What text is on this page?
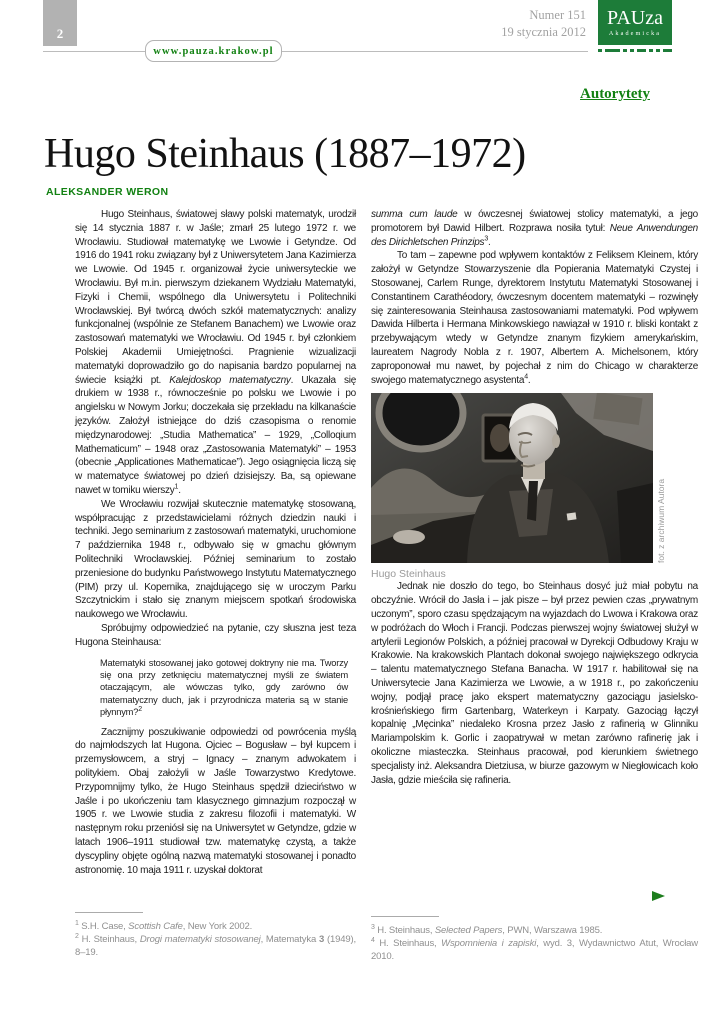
2
www.pauza.krakow.pl
Numer 151
19 stycznia 2012
PAUza
Akademicka
Autorytety
Hugo Steinhaus (1887–1972)
ALEKSANDER WERON

Hugo Steinhaus, światowej sławy polski matematyk, urodził się 14 stycznia 1887 r. w Jaśle; zmarł 25 lutego 1972 r. we Wrocławiu. Studiował matematykę we Lwowie i Getyndze. Od 1916 do 1941 roku związany był z Uniwersytetem Jana Kazimierza we Lwowie. Od 1945 r. organizował życie uniwersyteckie we Wrocławiu. Był m.in. pierwszym dziekanem Wydziału Matematyki, Fizyki i Chemii, wspólnego dla Uniwersytetu i Politechniki Wrocławskiej. Był twórcą dwóch szkół matematycznych: analizy funkcjonalnej (wspólnie ze Stefanem Banachem) we Lwowie oraz zastosowań matematyki we Wrocławiu. Od 1945 r. był członkiem Polskiej Akademii Umiejętności. Pragnienie wizualizacji matematyki doprowadziło go do napisania bardzo popularnej na świecie książki pt. Kalejdoskop matematyczny. Ukazała się drukiem w 1938 r., równocześnie po polsku we Lwowie i po angielsku w Nowym Jorku; doczekała się przekładu na kilkanaście języków. Założył istniejące do dziś czasopisma o renomie międzynarodowej: „Studia Mathematica” – 1929, „Colloqium Mathematicum” – 1948 oraz „Zastosowania Matematyki” – 1953 (obecnie „Applicationes Mathematicae”). Jego osiągnięcia liczą się w matematyce światowej po dzień dzisiejszy. Ba, są opiewane nawet w tomiku wierszy$^1$.

We Wrocławiu rozwijał skutecznie matematykę stosowaną, współpracując z przedstawicielami różnych dziedzin nauki i techniki. Jego seminarium z zastosowań matematyki, uruchomione 7 października 1948 r., odbywało się w gmachu głównym Politechniki Wrocławskiej. Później seminarium to zostało przeniesione do budynku Państwowego Instytutu Matematycznego (PIM) przy ul. Kopernika, znajdującego się w uroczym Parku Szczytnickim i stało się znanym miejscem spotkań środowiska naukowego we Wrocławiu.

Spróbujmy odpowiedzieć na pytanie, czy słuszna jest teza Hugona Steinhausa:

Matematyki stosowanej jako gotowej doktryny nie ma. Tworzy się ona przy zetknięciu matematycznej myśli ze światem otaczającym, ale wówczas tylko, gdy zarówno ów matematyczny duch, jak i przyrodnicza materia są w stanie płynnym?$^2$

Zacznijmy poszukiwanie odpowiedzi od powrócenia myślą do najmłodszych lat Hugona. Ojciec – Bogusław – był kupcem i przemysłowcem, a stryj – Ignacy – znanym adwokatem i politykiem. Obaj założyli w Jaśle Towarzystwo Kredytowe. Przypomnijmy tylko, że Hugo Steinhaus spędził dzieciństwo w Jaśle i po ukończeniu tam klasycznego gimnazjum rozpoczął w 1905 r. we Lwowie studia z zakresu filozofii i matematyki. W następnym roku przeniósł się na Uniwersytet w Getyndze, gdzie w latach 1906–1911 studiował tzw. matematykę czystą, a także dyscypliny objęte ogólną nazwą matematyki stosowanej i ponadto astronomię. 10 maja 1911 r. uzyskał doktorat

summa cum laude w ówczesnej światowej stolicy matematyki, a jego promotorem był Dawid Hilbert. Rozprawa nosiła tytuł: Neue Anwendungen des Dirichletschen Prinzips$^3$.

To tam – zapewne pod wpływem kontaktów z Feliksem Kleinem, który założył w Getyndze Stowarzyszenie dla Popierania Matematyki Czystej i Stosowanej, Carlem Runge, dyrektorem Instytutu Matematyki Stosowanej i Constantinem Carathéodory, ówczesnym docentem matematyki – rozwinęły się zainteresowania Steinhausa zastosowaniami matematyki. Pod wpływem Dawida Hilberta i Hermana Minkowskiego nawiązał w 1910 r. bliski kontakt z przebywającym wtedy w Getyndze znanym fizykiem amerykańskim, laureatem Nagrody Nobla z r. 1907, Albertem A. Michelsonem, który zaproponował mu nawet, by pojechał z nim do Chicago w charakterze swojego matematycznego asystenta$^4$.

fot. z archiwum Autora
Hugo Steinhaus

Jednak nie doszło do tego, bo Steinhaus dosyć już miał pobytu na obczyźnie. Wrócił do Jasła i – jak pisze – był przez pewien czas „prywatnym uczonym”, sporo czasu spędzającym na wyjazdach do Lwowa i Krakowa oraz w podróżach do Włoch i Francji. Podczas pierwszej wojny światowej służył w artylerii Legionów Polskich, a później pracował w Dyrekcji Odbudowy Kraju w Krakowie. Na krakowskich Plantach dokonał swojego największego odkrycia – talentu matematycznego Stefana Banacha. W 1917 r. habilitował się na Uniwersytecie Jana Kazimierza we Lwowie, a w 1918 r., po zakończeniu wojny, podjął pracę jako ekspert matematyczny gazociągu jasielsko-krośnieńskiego firm Gartenbarg, Waterkeyn i Karpaty. Gazociąg łączył kopalnię „Męcinka” niedaleko Krosna przez Jasło z rafinerią w Glinniku Mariampolskim k. Gorlic i zaopatrywał w metan zarówno rafinerię jak i okoliczne miasteczka. Steinhaus pracował, pod kierunkiem świetnego specjalisty inż. Aleksandra Dietziusa, w biurze gazowym w Niegłowicach koło Jasła, gdzie mieściła się rafineria.

$^1$ S.H. Case, Scottish Cafe, New York 2002.
$^2$ H. Steinhaus, Drogi matematyki stosowanej, Matematyka 3 (1949), 8–19.
$^3$ H. Steinhaus, Selected Papers, PWN, Warszawa 1985.
$^4$ H. Steinhaus, Wspomnienia i zapiski, wyd. 3, Wydawnictwo Atut, Wrocław 2010.
